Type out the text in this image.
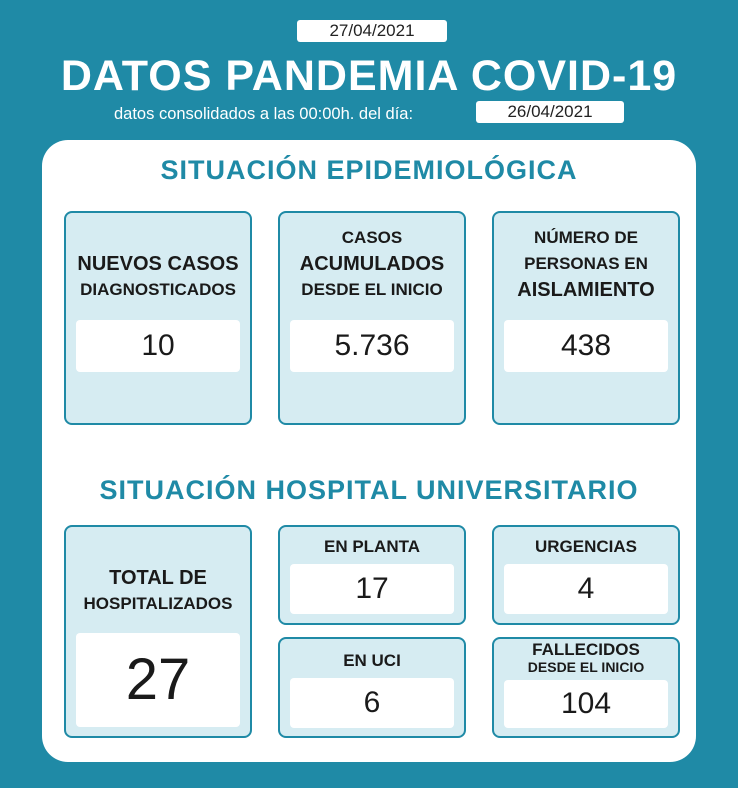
27/04/2021
DATOS PANDEMIA COVID-19
datos consolidados a las 00:00h. del día:	26/04/2021
SITUACIÓN EPIDEMIOLÓGICA
NUEVOS CASOS
DIAGNOSTICADOS
10
CASOS
ACUMULADOS
DESDE EL INICIO
5.736
NÚMERO DE
PERSONAS EN
AISLAMIENTO
438
SITUACIÓN HOSPITAL UNIVERSITARIO
TOTAL DE
HOSPITALIZADOS
27
EN PLANTA
17
URGENCIAS
4
EN UCI
6
FALLECIDOS
DESDE EL INICIO
104
